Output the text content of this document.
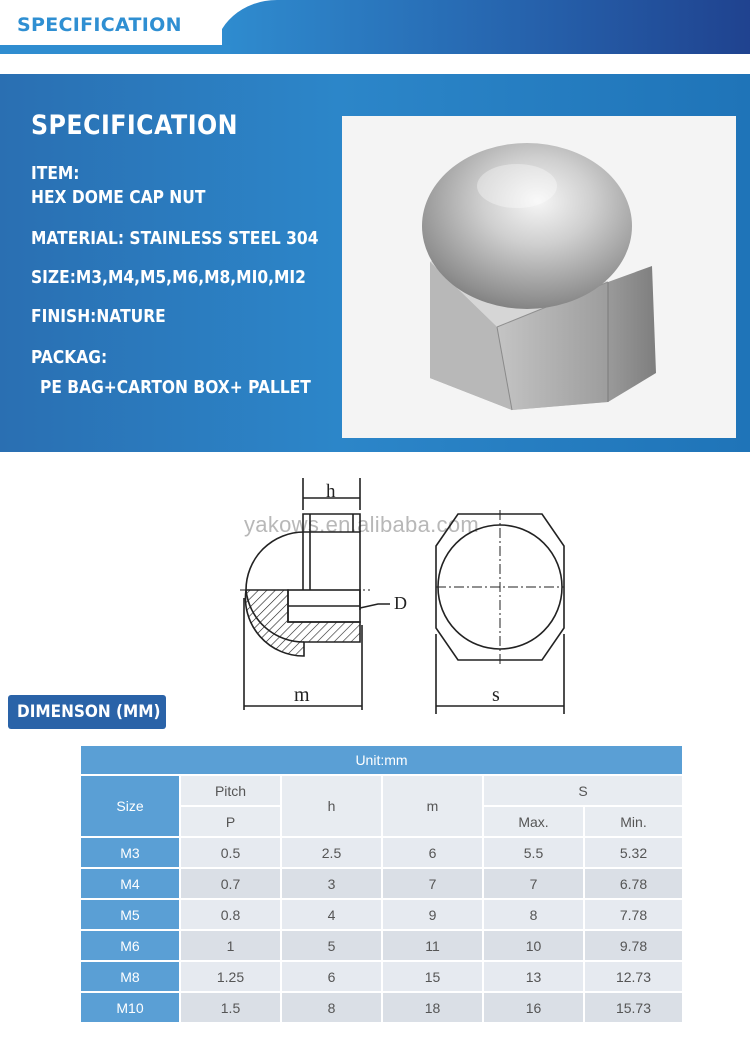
SPECIFICATION
SPECIFICATION
ITEM:
HEX DOME CAP NUT
MATERIAL: STAINLESS STEEL 304
SIZE:M3,M4,M5,M6,M8,MI0,MI2
FINISH:NATURE
PACKAG:
PE BAG+CARTON BOX+ PALLET
yakows.en.alibaba.com
h
D
m	s
DIMENSON (MM)
Unit:mm					
Size	Pitch	h	m	S	
	P			Max.	Min.
M3	0.5	2.5	6	5.5	5.32
M4	0.7	3	7	7	6.78
M5	0.8	4	9	8	7.78
M6	1	5	11	10	9.78
M8	1.25	6	15	13	12.73
M10	1.5	8	18	16	15.73
